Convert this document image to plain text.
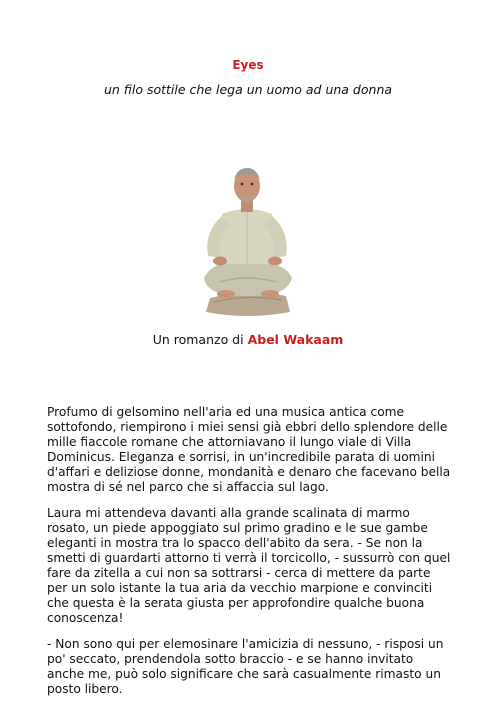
Eyes
un filo sottile che lega un uomo ad una donna
Un romanzo di Abel Wakaam

Profumo di gelsomino nell'aria ed una musica antica come sottofondo, riempirono i miei sensi già ebbri dello splendore delle mille fiaccole romane che attorniavano il lungo viale di Villa Dominicus. Eleganza e sorrisi, in un'incredibile parata di uomini d'affari e deliziose donne, mondanità e denaro che facevano bella mostra di sé nel parco che si affaccia sul lago.

Laura mi attendeva davanti alla grande scalinata di marmo rosato, un piede appoggiato sul primo gradino e le sue gambe eleganti in mostra tra lo spacco dell'abito da sera. - Se non la smetti di guardarti attorno ti verrà il torcicollo, - sussurrò con quel fare da zitella a cui non sa sottrarsi - cerca di mettere da parte per un solo istante la tua aria da vecchio marpione e convinciti che questa è la serata giusta per approfondire qualche buona conoscenza!

- Non sono qui per elemosinare l'amicizia di nessuno, - risposi un po' seccato, prendendola sotto braccio - e se hanno invitato anche me, può solo significare che sarà casualmente rimasto un posto libero.
